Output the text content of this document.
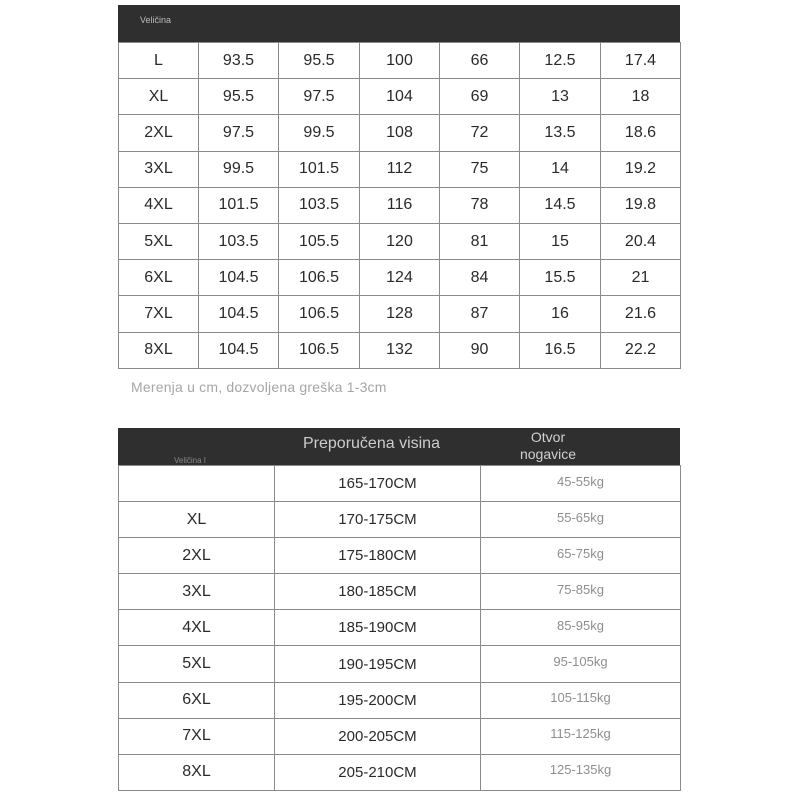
Veličina
L	93.5	95.5	100	66	12.5	17.4
XL	95.5	97.5	104	69	13	18
2XL	97.5	99.5	108	72	13.5	18.6
3XL	99.5	101.5	112	75	14	19.2
4XL	101.5	103.5	116	78	14.5	19.8
5XL	103.5	105.5	120	81	15	20.4
6XL	104.5	106.5	124	84	15.5	21
7XL	104.5	106.5	128	87	16	21.6
8XL	104.5	106.5	132	90	16.5	22.2
Merenja u cm, dozvoljena greška 1-3cm
Veličina I
Preporučena visina	Otvor nogavice
	165-170CM	45-55kg
XL	170-175CM	55-65kg
2XL	175-180CM	65-75kg
3XL	180-185CM	75-85kg
4XL	185-190CM	85-95kg
5XL	190-195CM	95-105kg
6XL	195-200CM	105-115kg
7XL	200-205CM	115-125kg
8XL	205-210CM	125-135kg
